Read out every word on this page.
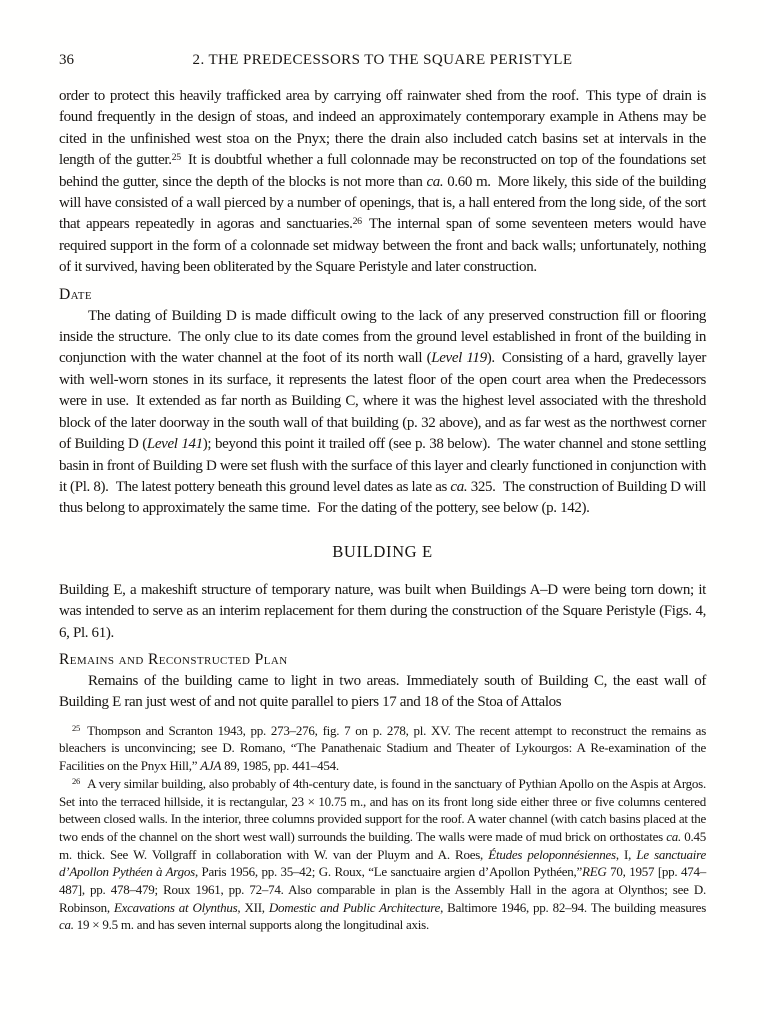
36	2. THE PREDECESSORS TO THE SQUARE PERISTYLE

order to protect this heavily trafficked area by carrying off rainwater shed from the roof. This type of drain is found frequently in the design of stoas, and indeed an approximately contemporary example in Athens may be cited in the unfinished west stoa on the Pnyx; there the drain also included catch basins set at intervals in the length of the gutter.$^{25}$ It is doubtful whether a full colonnade may be reconstructed on top of the foundations set behind the gutter, since the depth of the blocks is not more than ca. 0.60 m. More likely, this side of the building will have consisted of a wall pierced by a number of openings, that is, a hall entered from the long side, of the sort that appears repeatedly in agoras and sanctuaries.$^{26}$ The internal span of some seventeen meters would have required support in the form of a colonnade set midway between the front and back walls; unfortunately, nothing of it survived, having been obliterated by the Square Peristyle and later construction.

Date

The dating of Building D is made difficult owing to the lack of any preserved construction fill or flooring inside the structure. The only clue to its date comes from the ground level established in front of the building in conjunction with the water channel at the foot of its north wall (Level 119). Consisting of a hard, gravelly layer with well-worn stones in its surface, it represents the latest floor of the open court area when the Predecessors were in use. It extended as far north as Building C, where it was the highest level associated with the threshold block of the later doorway in the south wall of that building (p. 32 above), and as far west as the northwest corner of Building D (Level 141); beyond this point it trailed off (see p. 38 below). The water channel and stone settling basin in front of Building D were set flush with the surface of this layer and clearly functioned in conjunction with it (Pl. 8). The latest pottery beneath this ground level dates as late as ca. 325. The construction of Building D will thus belong to approximately the same time. For the dating of the pottery, see below (p. 142).

BUILDING E

Building E, a makeshift structure of temporary nature, was built when Buildings A–D were being torn down; it was intended to serve as an interim replacement for them during the construction of the Square Peristyle (Figs. 4, 6, Pl. 61).

Remains and Reconstructed Plan

Remains of the building came to light in two areas. Immediately south of Building C, the east wall of Building E ran just west of and not quite parallel to piers 17 and 18 of the Stoa of Attalos

$^{25}$ Thompson and Scranton 1943, pp. 273–276, fig. 7 on p. 278, pl. XV. The recent attempt to reconstruct the remains as bleachers is unconvincing; see D. Romano, “The Panathenaic Stadium and Theater of Lykourgos: A Re-examination of the Facilities on the Pnyx Hill,” AJA 89, 1985, pp. 441–454.

$^{26}$ A very similar building, also probably of 4th-century date, is found in the sanctuary of Pythian Apollo on the Aspis at Argos. Set into the terraced hillside, it is rectangular, 23 × 10.75 m., and has on its front long side either three or five columns centered between closed walls. In the interior, three columns provided support for the roof. A water channel (with catch basins placed at the two ends of the channel on the short west wall) surrounds the building. The walls were made of mud brick on orthostates ca. 0.45 m. thick. See W. Vollgraff in collaboration with W. van der Pluym and A. Roes, Études peloponnésiennes, I, Le sanctuaire d’Apollon Pythéen à Argos, Paris 1956, pp. 35–42; G. Roux, “Le sanctuaire argien d’Apollon Pythéen,”REG 70, 1957 [pp. 474–487], pp. 478–479; Roux 1961, pp. 72–74. Also comparable in plan is the Assembly Hall in the agora at Olynthos; see D. Robinson, Excavations at Olynthus, XII, Domestic and Public Architecture, Baltimore 1946, pp. 82–94. The building measures ca. 19 × 9.5 m. and has seven internal supports along the longitudinal axis.
